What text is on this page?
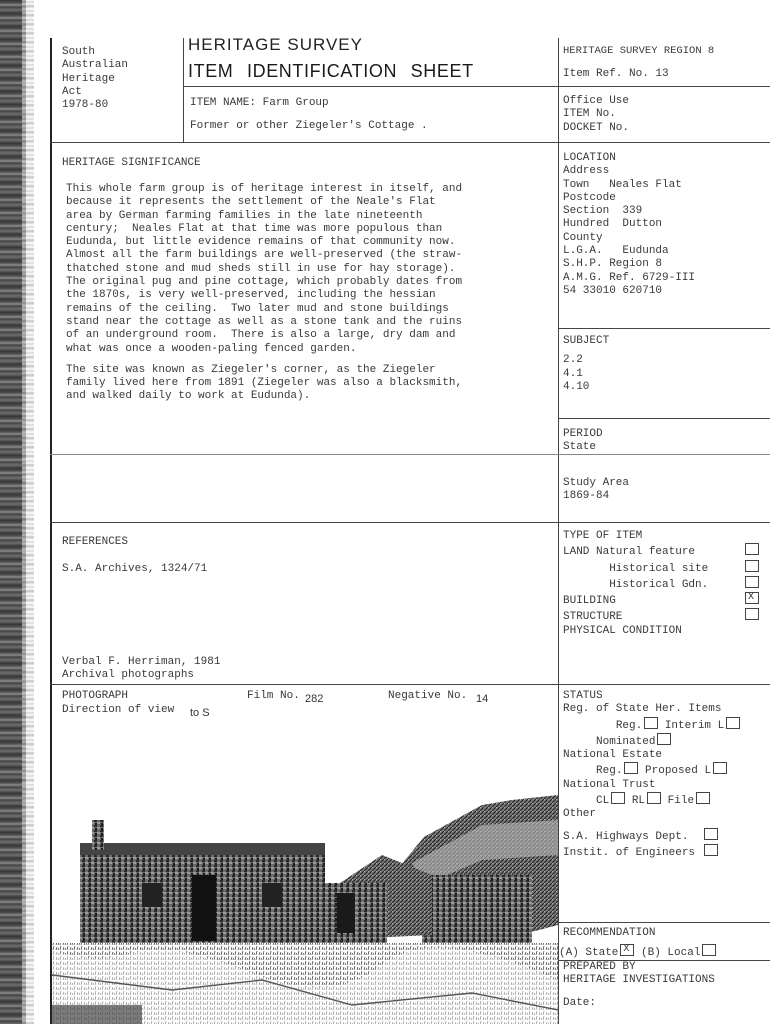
South
Australian
Heritage
Act
1978-80
HERITAGE SURVEY
ITEM IDENTIFICATION SHEET
HERITAGE SURVEY REGION 8
Item Ref. No. 13
ITEM NAME: Farm Group
Former or other Ziegeler's Cottage .
Office Use
ITEM No.
DOCKET No.
HERITAGE SIGNIFICANCE
This whole farm group is of heritage interest in itself, and
because it represents the settlement of the Neale's Flat
area by German farming families in the late nineteenth
century;  Neales Flat at that time was more populous than
Eudunda, but little evidence remains of that community now.
Almost all the farm buildings are well-preserved (the straw-
thatched stone and mud sheds still in use for hay storage).
The original pug and pine cottage, which probably dates from
the 1870s, is very well-preserved, including the hessian
remains of the ceiling.  Two later mud and stone buildings
stand near the cottage as well as a stone tank and the ruins
of an underground room.  There is also a large, dry dam and
what was once a wooden-paling fenced garden.
The site was known as Ziegeler's corner, as the Ziegeler
family lived here from 1891 (Ziegeler was also a blacksmith,
and walked daily to work at Eudunda).
LOCATION
Address
Town   Neales Flat
Postcode
Section  339
Hundred  Dutton
County
L.G.A.   Eudunda
S.H.P. Region 8
A.M.G. Ref. 6729-III
54 33010 620710
SUBJECT
2.2
4.1
4.10
PERIOD
State
Study Area
1869-84
REFERENCES
S.A. Archives, 1324/71
Verbal F. Herriman, 1981
Archival photographs
TYPE OF ITEM
LAND Natural feature
Historical site
Historical Gdn.
BUILDING X
STRUCTURE
PHYSICAL CONDITION
PHOTOGRAPH	Film No. 282	Negative No. 14
Direction of view to S
STATUS
Reg. of State Her. Items
Reg. Interim L
Nominated
National Estate
Reg. Proposed L
National Trust
CL RL File
Other
S.A. Highways Dept.
Instit. of Engineers
RECOMMENDATION
(A) State X (B) Local
PREPARED BY
HERITAGE INVESTIGATIONS
Date:
